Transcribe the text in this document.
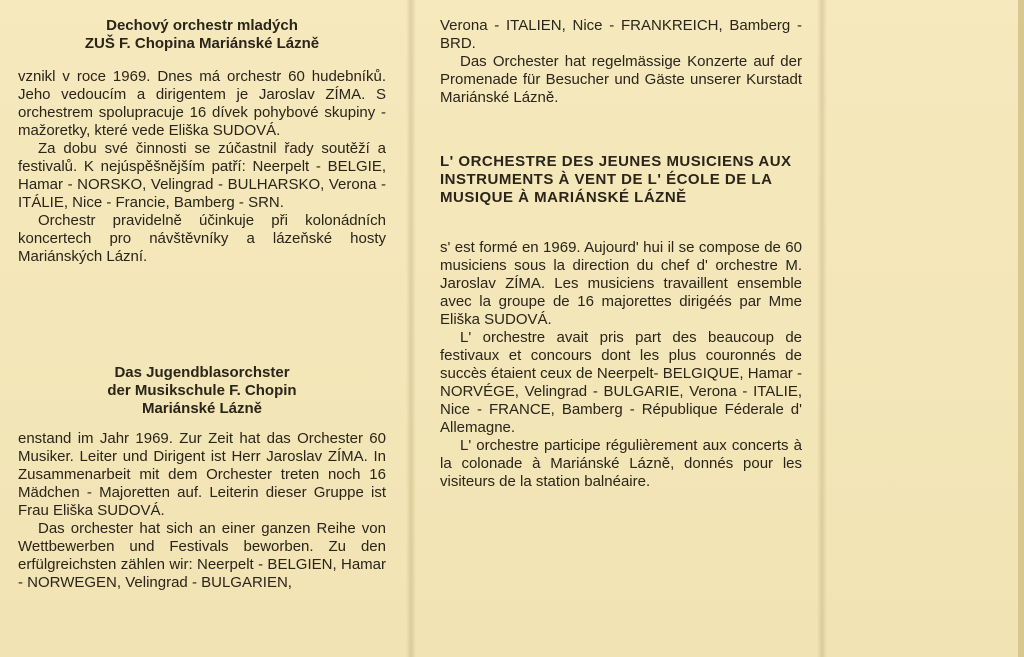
Dechový orchestr mladých
ZUŠ F. Chopina Mariánské Lázně

vznikl v roce 1969. Dnes má orchestr 60 hudebníků. Jeho vedoucím a dirigentem je Jaroslav ZÍMA. S orchestrem spolupracuje 16 dívek pohybové skupiny - mažoretky, které vede Eliška SUDOVÁ.

Za dobu své činnosti se zúčastnil řady soutěží a festivalů. K nejúspěšnějším patří: Neerpelt - BELGIE, Hamar - NORSKO, Velingrad - BULHARSKO, Verona - ITÁLIE, Nice - Francie, Bamberg - SRN.

Orchestr pravidelně účinkuje při kolonádních koncertech pro návštěvníky a lázeňské hosty Mariánských Lázní.

Das Jugendblasorchster
der Musikschule F. Chopin
Mariánské Lázně

enstand im Jahr 1969. Zur Zeit hat das Orchester 60 Musiker. Leiter und Dirigent ist Herr Jaroslav ZÍMA. In Zusammenarbeit mit dem Orchester treten noch 16 Mädchen - Majoretten auf. Leiterin dieser Gruppe ist Frau Eliška SUDOVÁ.

Das orchester hat sich an einer ganzen Reihe von Wettbewerben und Festivals beworben. Zu den erfülgreichsten zählen wir: Neerpelt - BELGIEN, Hamar - NORWEGEN, Velingrad - BULGARIEN,

Verona - ITALIEN, Nice - FRANKREICH, Bamberg - BRD.

Das Orchester hat regelmässige Konzerte auf der Promenade für Besucher und Gäste unserer Kurstadt Mariánské Lázně.

L' ORCHESTRE DES JEUNES MUSICIENS AUX INSTRUMENTS À VENT DE L' ÉCOLE DE LA MUSIQUE À MARIÁNSKÉ LÁZNĚ

s' est formé en 1969. Aujourd' hui il se compose de 60 musiciens sous la direction du chef d' orchestre M. Jaroslav ZÍMA. Les musiciens travaillent ensemble avec la groupe de 16 majorettes dirigéés par Mme Eliška SUDOVÁ.

L' orchestre avait pris part des beaucoup de festivaux et concours dont les plus couronnés de succès étaient ceux de Neerpelt- BELGIQUE, Hamar - NORVÉGE, Velingrad - BULGARIE, Verona - ITALIE, Nice - FRANCE, Bamberg - République Féderale d' Allemagne.

L' orchestre participe régulièrement aux concerts à la colonade à Mariánské Lázně, donnés pour les visiteurs de la station balnéaire.
